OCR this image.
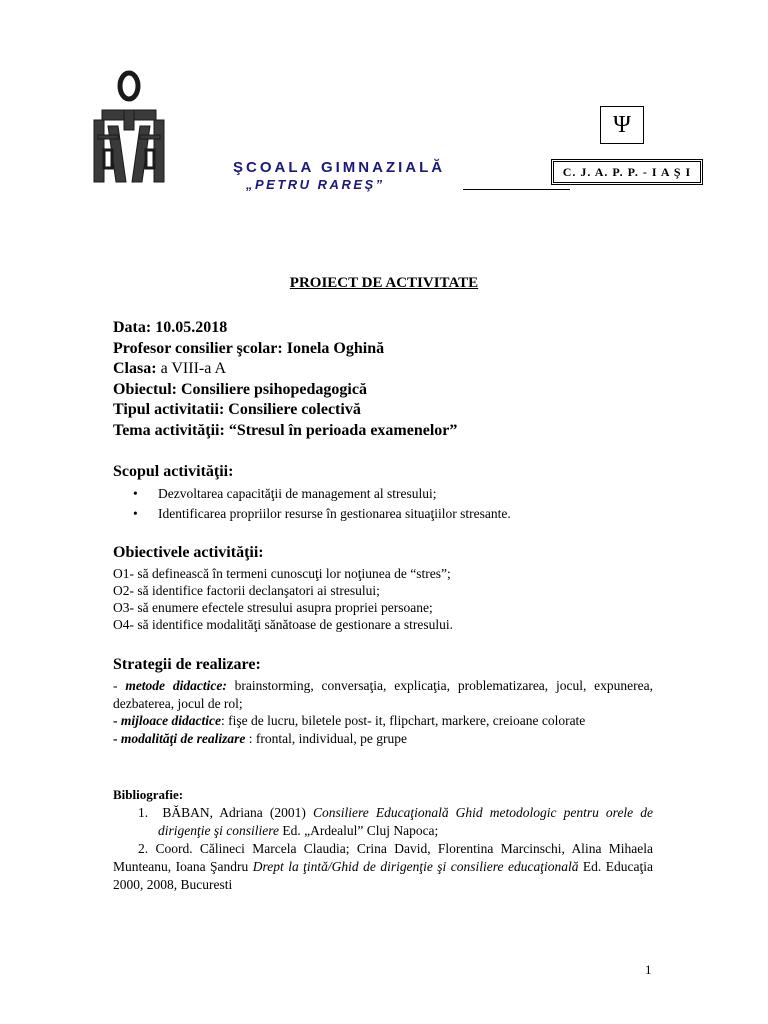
ŞCOALA GIMNAZIALĂ
„PETRU RAREŞ”
Ψ
C. J. A. P. P. - I A Ş I
PROIECT DE ACTIVITATE
Data: 10.05.2018
Profesor consilier şcolar: Ionela Oghină
Clasa: a VIII-a A
Obiectul: Consiliere psihopedagogică
Tipul activitatii: Consiliere colectivă
Tema activităţii: “Stresul în perioada examenelor”
Scopul activităţii:
• Dezvoltarea capacităţii de management al stresului;
• Identificarea propriilor resurse în gestionarea situaţiilor stresante.
Obiectivele activităţii:
O1- să definească în termeni cunoscuţi lor noţiunea de “stres”;
O2- să identifice factorii declanşatori ai stresului;
O3- să enumere efectele stresului asupra propriei persoane;
O4- să identifice modalităţi sănătoase de gestionare a stresului.
Strategii de realizare:
- metode didactice: brainstorming, conversaţia, explicaţia, problematizarea, jocul, expunerea, dezbaterea, jocul de rol;
- mijloace didactice: fişe de lucru, biletele post- it, flipchart, markere, creioane colorate
- modalităţi de realizare : frontal, individual, pe grupe
Bibliografie:
1. BĂBAN, Adriana (2001) Consiliere Educaţională Ghid metodologic pentru orele de dirigenţie şi consiliere Ed. „Ardealul” Cluj Napoca;
2. Coord. Călineci Marcela Claudia; Crina David, Florentina Marcinschi, Alina Mihaela Munteanu, Ioana Şandru Drept la ţintă/Ghid de dirigenţie şi consiliere educaţională Ed. Educaţia 2000, 2008, Bucuresti
1
